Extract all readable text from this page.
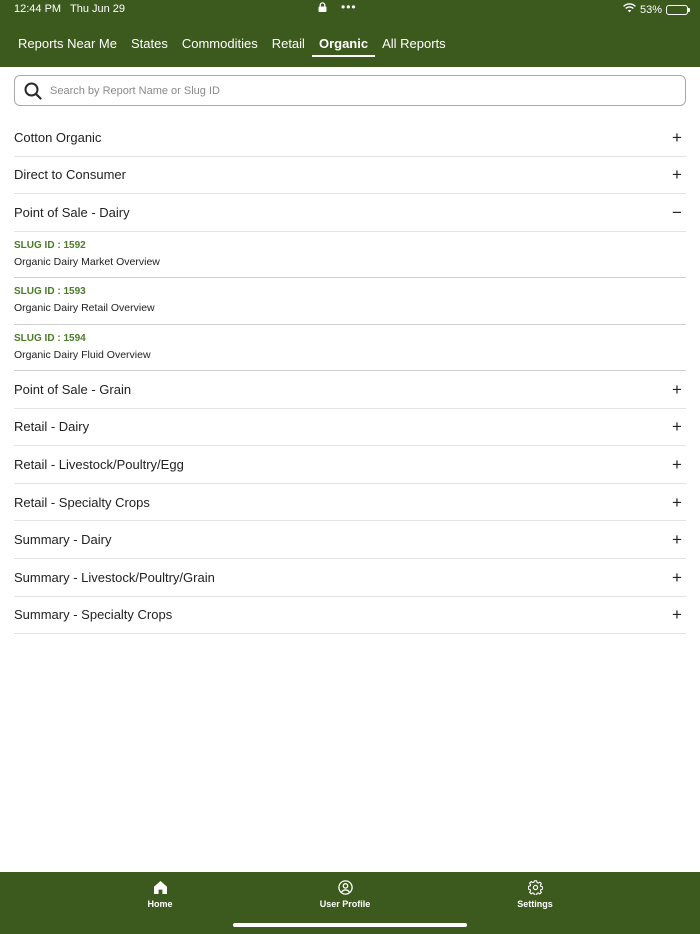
12:44 PM Thu Jun 29	•••	53%
Reports Near Me	States	Commodities	Retail	Organic	All Reports
Search by Report Name or Slug ID
Cotton Organic	+
Direct to Consumer	+
Point of Sale - Dairy	−
SLUG ID : 1592
Organic Dairy Market Overview
SLUG ID : 1593
Organic Dairy Retail Overview
SLUG ID : 1594
Organic Dairy Fluid Overview
Point of Sale - Grain	+
Retail - Dairy	+
Retail - Livestock/Poultry/Egg	+
Retail - Specialty Crops	+
Summary - Dairy	+
Summary - Livestock/Poultry/Grain	+
Summary - Specialty Crops	+
Home	User Profile	Settings
